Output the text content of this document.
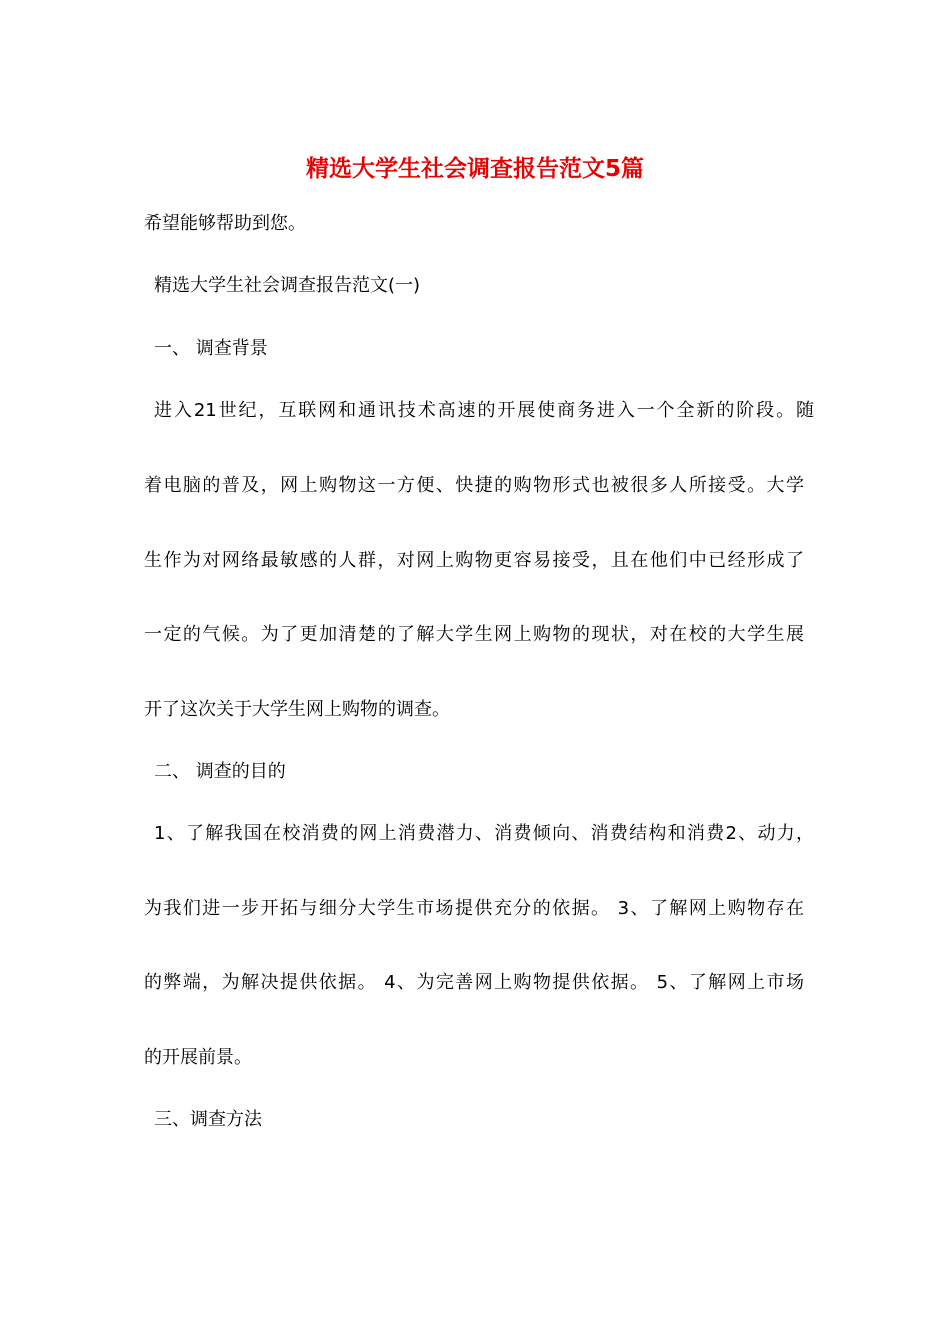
精选大学生社会调查报告范文5篇

希望能够帮助到您。

精选大学生社会调查报告范文(一)

一、 调查背景

进入21世纪，互联网和通讯技术高速的开展使商务进入一个全新的阶段。随

着电脑的普及，网上购物这一方便、快捷的购物形式也被很多人所接受。大学

生作为对网络最敏感的人群，对网上购物更容易接受，且在他们中已经形成了

一定的气候。为了更加清楚的了解大学生网上购物的现状，对在校的大学生展

开了这次关于大学生网上购物的调查。

二、 调查的目的

1、了解我国在校消费的网上消费潜力、消费倾向、消费结构和消费2、动力，

为我们进一步开拓与细分大学生市场提供充分的依据。 3、了解网上购物存在

的弊端，为解决提供依据。 4、为完善网上购物提供依据。 5、了解网上市场

的开展前景。

三、调查方法
